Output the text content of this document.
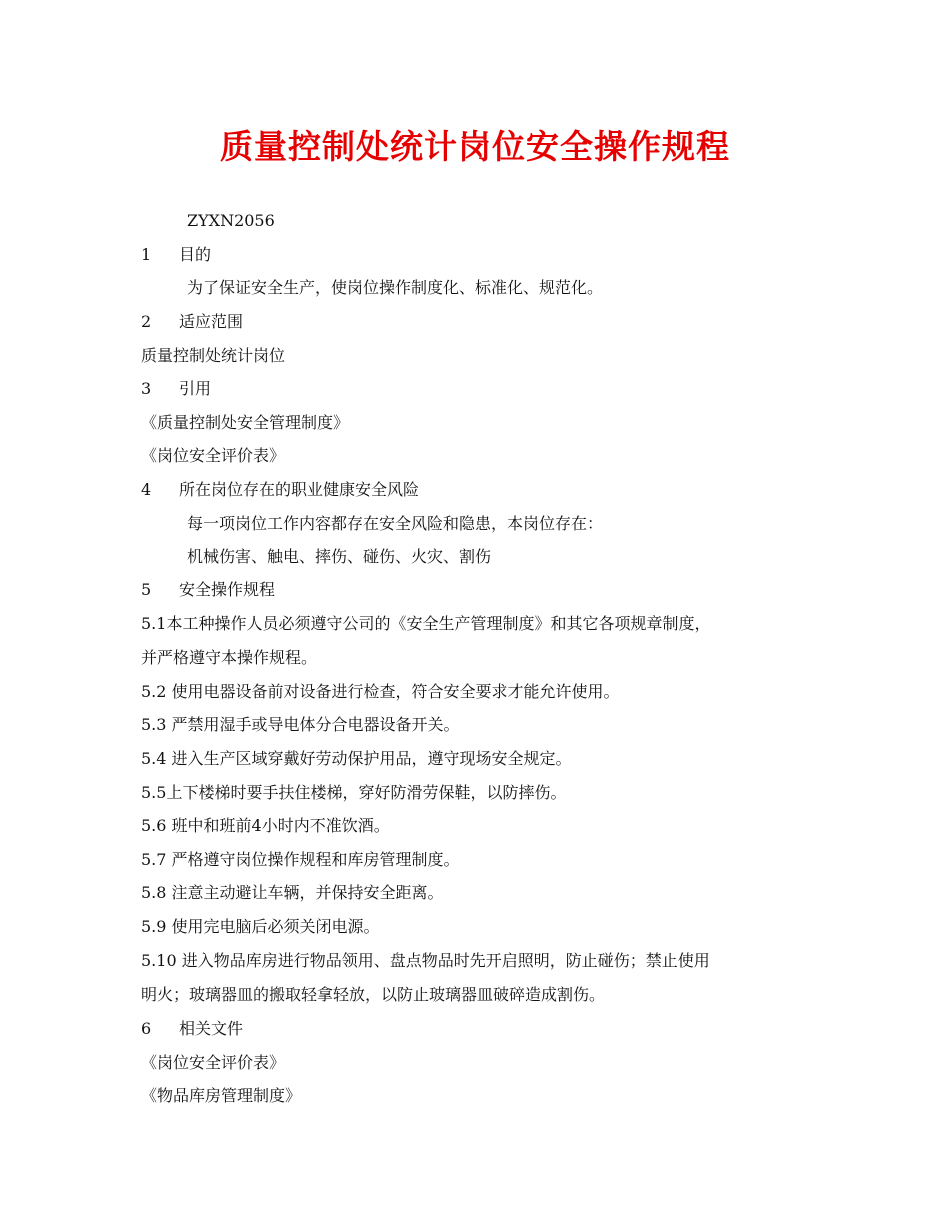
质量控制处统计岗位安全操作规程
ZYXN2056
1 目的
为了保证安全生产，使岗位操作制度化、标准化、规范化。
2 适应范围
质量控制处统计岗位
3 引用
《质量控制处安全管理制度》
《岗位安全评价表》
4 所在岗位存在的职业健康安全风险
每一项岗位工作内容都存在安全风险和隐患，本岗位存在：
机械伤害、触电、摔伤、碰伤、火灾、割伤
5 安全操作规程
5.1本工种操作人员必须遵守公司的《安全生产管理制度》和其它各项规章制度，
并严格遵守本操作规程。
5.2 使用电器设备前对设备进行检查，符合安全要求才能允许使用。
5.3 严禁用湿手或导电体分合电器设备开关。
5.4 进入生产区域穿戴好劳动保护用品，遵守现场安全规定。
5.5上下楼梯时要手扶住楼梯，穿好防滑劳保鞋，以防摔伤。
5.6 班中和班前4小时内不准饮酒。
5.7 严格遵守岗位操作规程和库房管理制度。
5.8 注意主动避让车辆，并保持安全距离。
5.9 使用完电脑后必须关闭电源。
5.10 进入物品库房进行物品领用、盘点物品时先开启照明，防止碰伤；禁止使用
明火；玻璃器皿的搬取轻拿轻放，以防止玻璃器皿破碎造成割伤。
6 相关文件
《岗位安全评价表》
《物品库房管理制度》
